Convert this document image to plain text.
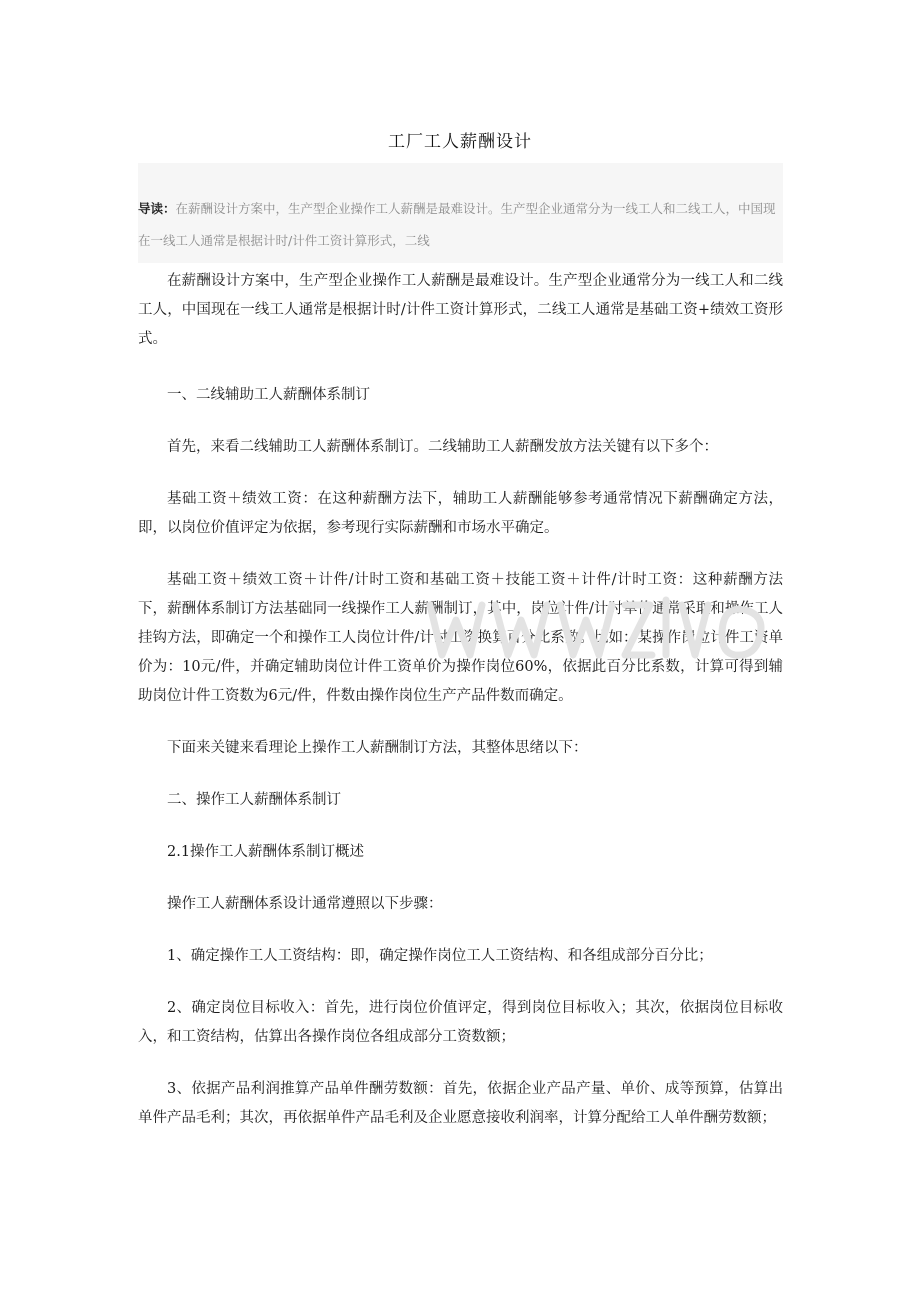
工厂工人薪酬设计
导读：在薪酬设计方案中，生产型企业操作工人薪酬是最难设计。生产型企业通常分为一线工人和二线工人，中国现在一线工人通常是根据计时/计件工资计算形式，二线

在薪酬设计方案中，生产型企业操作工人薪酬是最难设计。生产型企业通常分为一线工人和二线工人，中国现在一线工人通常是根据计时/计件工资计算形式，二线工人通常是基础工资+绩效工资形式。

一、二线辅助工人薪酬体系制订

首先，来看二线辅助工人薪酬体系制订。二线辅助工人薪酬发放方法关键有以下多个：

基础工资＋绩效工资：在这种薪酬方法下，辅助工人薪酬能够参考通常情况下薪酬确定方法，即，以岗位价值评定为依据，参考现行实际薪酬和市场水平确定。

基础工资＋绩效工资＋计件/计时工资和基础工资＋技能工资＋计件/计时工资：这种薪酬方法下，薪酬体系制订方法基础同一线操作工人薪酬制订，其中，岗位计件/计时单价通常采取和操作工人挂钩方法，即确定一个和操作工人岗位计件/计时工资换算百分比系数。比如：某操作岗位计件工资单价为：10元/件，并确定辅助岗位计件工资单价为操作岗位60%，依据此百分比系数，计算可得到辅助岗位计件工资数为6元/件，件数由操作岗位生产产品件数而确定。

下面来关键来看理论上操作工人薪酬制订方法，其整体思绪以下：

二、操作工人薪酬体系制订

2.1操作工人薪酬体系制订概述

操作工人薪酬体系设计通常遵照以下步骤：

1、确定操作工人工资结构：即，确定操作岗位工人工资结构、和各组成部分百分比；

2、确定岗位目标收入：首先，进行岗位价值评定，得到岗位目标收入；其次，依据岗位目标收入，和工资结构，估算出各操作岗位各组成部分工资数额；

3、依据产品利润推算产品单件酬劳数额：首先，依据企业产品产量、单价、成等预算，估算出单件产品毛利；其次，再依据单件产品毛利及企业愿意接收利润率，计算分配给工人单件酬劳数额；
